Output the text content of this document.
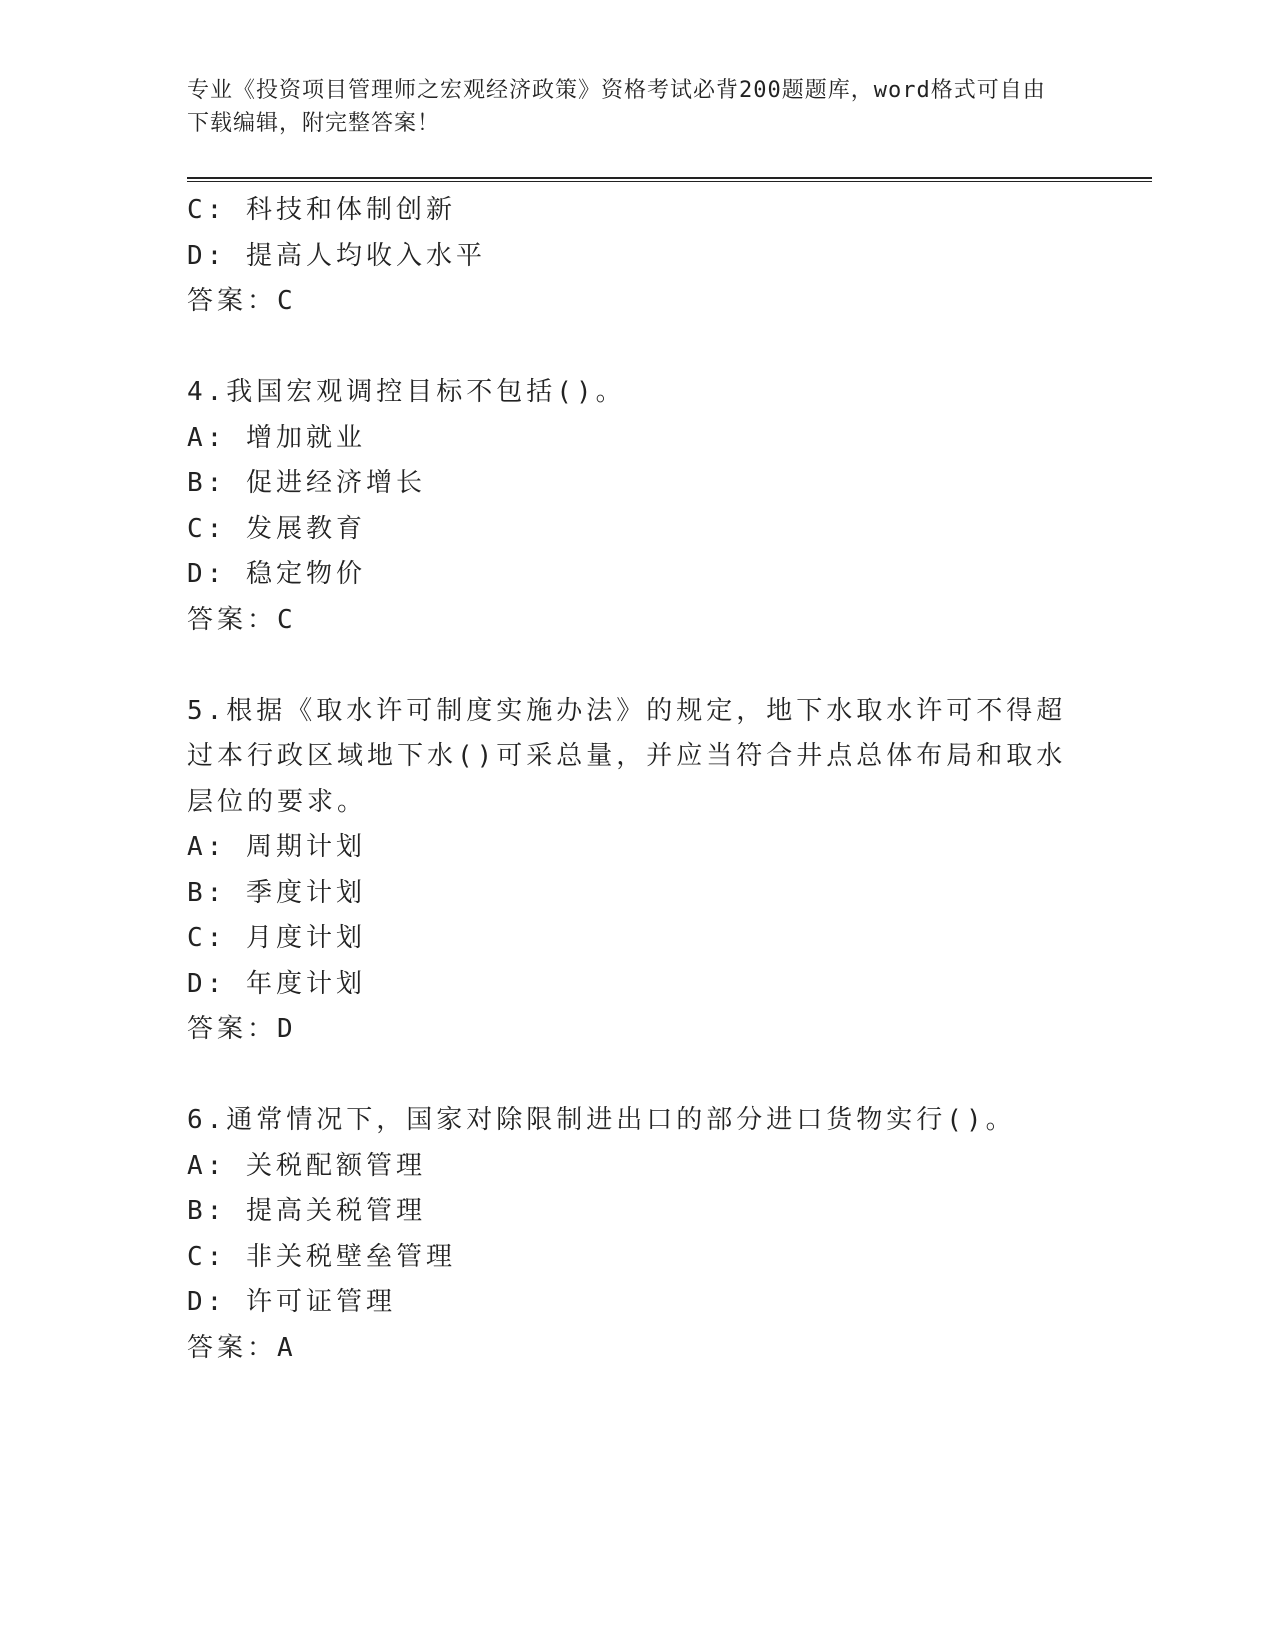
专业《投资项目管理师之宏观经济政策》资格考试必背200题题库，word格式可自由下载编辑，附完整答案！
C: 科技和体制创新
D: 提高人均收入水平
答案：C
4.我国宏观调控目标不包括()。
A: 增加就业
B: 促进经济增长
C: 发展教育
D: 稳定物价
答案：C
5.根据《取水许可制度实施办法》的规定，地下水取水许可不得超过本行政区域地下水()可采总量，并应当符合井点总体布局和取水层位的要求。
A: 周期计划
B: 季度计划
C: 月度计划
D: 年度计划
答案：D
6.通常情况下，国家对除限制进出口的部分进口货物实行()。
A: 关税配额管理
B: 提高关税管理
C: 非关税壁垒管理
D: 许可证管理
答案：A
